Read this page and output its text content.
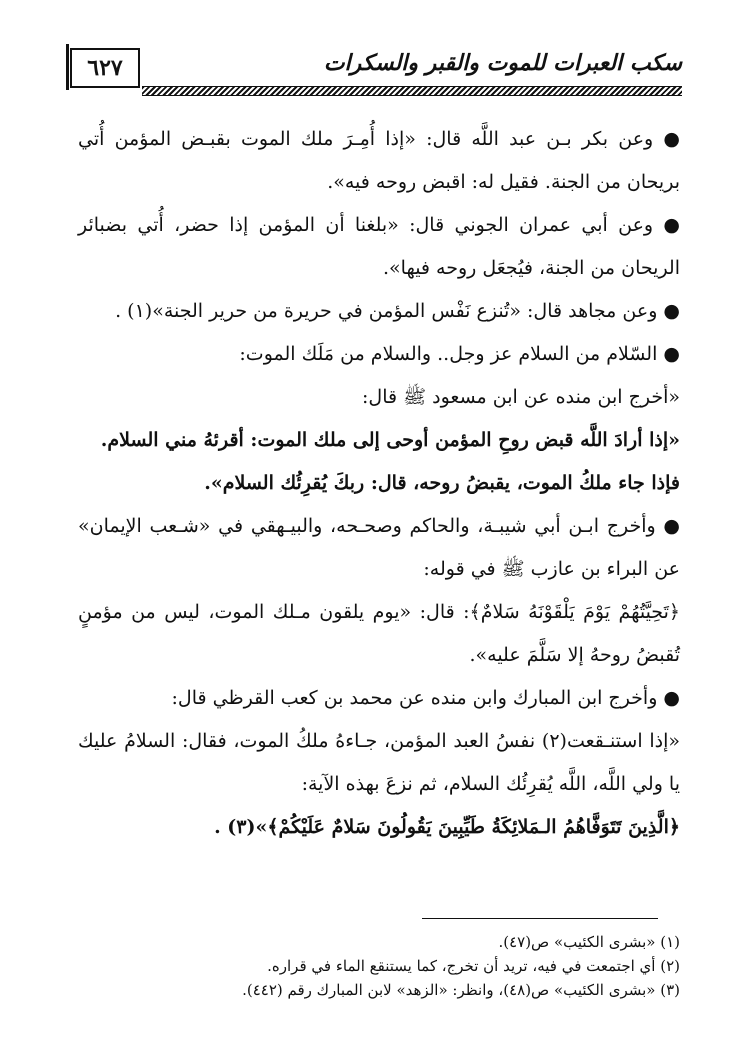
٦٢٧	سكب العبرات للموت والقبر والسكرات

● وعن بكر بـن عبد اللَّه قال: «إذا أُمِـرَ ملك الموت بقبـض المؤمن أُتي بريحان من الجنة. فقيل له: اقبض روحه فيه».

● وعن أبي عمران الجوني قال: «بلغنا أن المؤمن إذا حضر، أُتي بضبائر الريحان من الجنة، فيُجعَل روحه فيها».

● وعن مجاهد قال: «تُنزع نَفْس المؤمن في حريرة من حرير الجنة»(١) .

● السّلام من السلام عز وجل.. والسلام من مَلَك الموت:

«أخرج ابن منده عن ابن مسعود ﷺ قال:

«إذا أرادَ اللَّه قبض روحِ المؤمن أوحى إلى ملك الموت: أقرئهُ مني السلام.

فإذا جاء ملكُ الموت، يقبضُ روحه، قال: ربكَ يُقرِئُك السلام».

● وأخرج ابـن أبي شيبـة، والحاكم وصحـحه، والبيـهقي في «شـعب الإيمان» عن البراء بن عازب ﷺ في قوله:

﴿تَحِيَّتُهُمْ يَوْمَ يَلْقَوْنَهُ سَلامٌ﴾: قال: «يوم يلقون مـلك الموت، ليس من مؤمنٍ تُقبضُ روحهُ إلا سَلَّمَ عليه».

● وأخرج ابن المبارك وابن منده عن محمد بن كعب القرظي قال:

«إذا استنـقعت(٢) نفسُ العبد المؤمن، جـاءهُ ملكُ الموت، فقال: السلامُ عليك يا ولي اللَّه، اللَّه يُقرِئُك السلام، ثم نزعَ بهذه الآية:

﴿الَّذِينَ تَتَوَفَّاهُمُ الـمَلائِكَةُ طَيِّبِينَ يَقُولُونَ سَلامٌ عَلَيْكُمْ﴾»(٣) .

(١) «بشرى الكئيب» ص(٤٧).

(٢) أي اجتمعت في فيه، تريد أن تخرج، كما يستنقع الماء في قراره.

(٣) «بشرى الكئيب» ص(٤٨)، وانظر: «الزهد» لابن المبارك رقم (٤٤٢).
